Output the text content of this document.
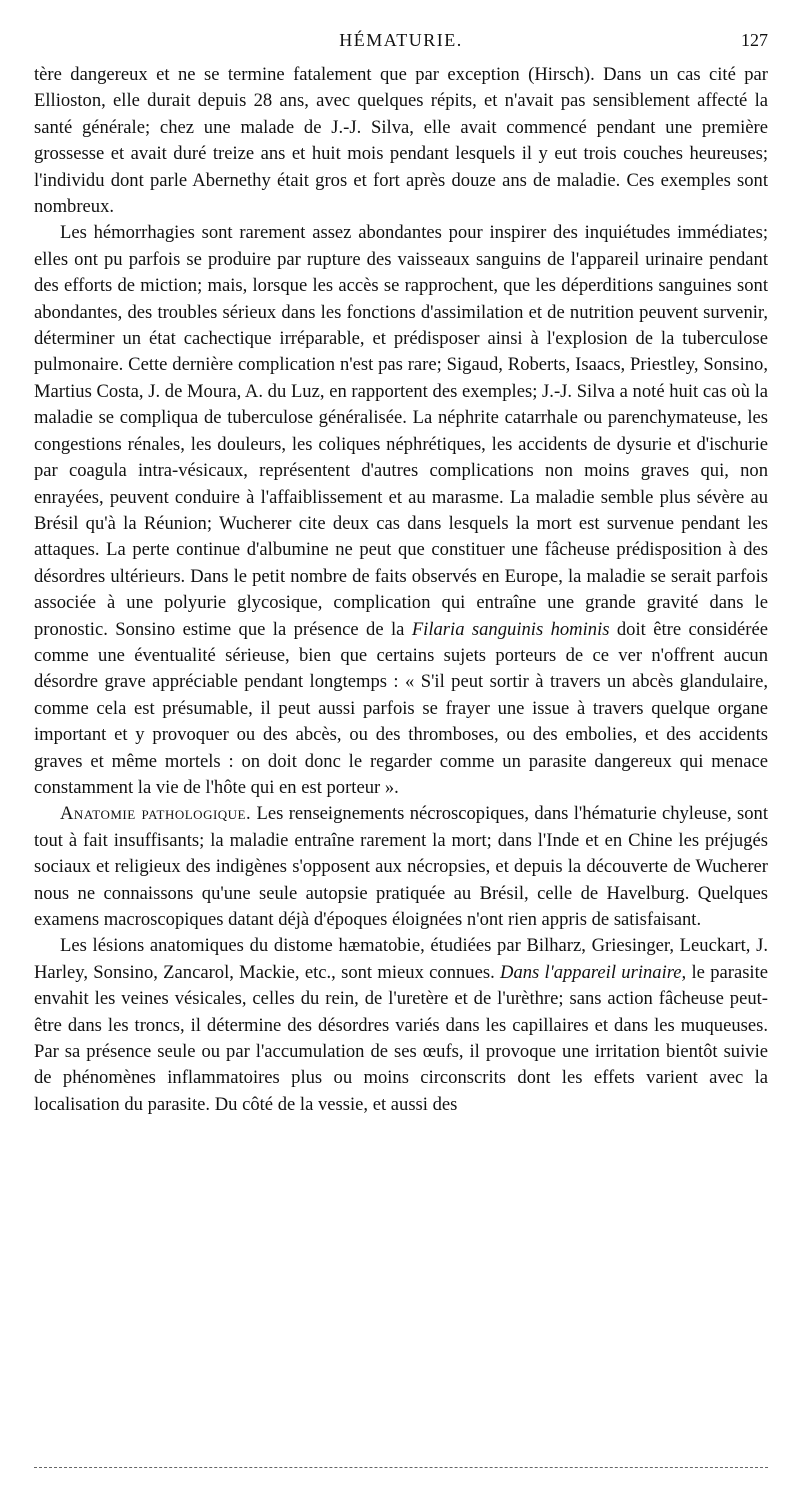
HÉMATURIE.	127

tère dangereux et ne se termine fatalement que par exception (Hirsch). Dans un cas cité par Ellioston, elle durait depuis 28 ans, avec quelques répits, et n'avait pas sensiblement affecté la santé générale; chez une malade de J.-J. Silva, elle avait commencé pendant une première grossesse et avait duré treize ans et huit mois pendant lesquels il y eut trois couches heureuses; l'individu dont parle Abernethy était gros et fort après douze ans de maladie. Ces exemples sont nombreux.

Les hémorrhagies sont rarement assez abondantes pour inspirer des inquiétudes immédiates; elles ont pu parfois se produire par rupture des vaisseaux sanguins de l'appareil urinaire pendant des efforts de miction; mais, lorsque les accès se rapprochent, que les déperditions sanguines sont abondantes, des troubles sérieux dans les fonctions d'assimilation et de nutrition peuvent survenir, déterminer un état cachectique irréparable, et prédisposer ainsi à l'explosion de la tuberculose pulmonaire. Cette dernière complication n'est pas rare; Sigaud, Roberts, Isaacs, Priestley, Sonsino, Martius Costa, J. de Moura, A. du Luz, en rapportent des exemples; J.-J. Silva a noté huit cas où la maladie se compliqua de tuberculose généralisée. La néphrite catarrhale ou parenchymateuse, les congestions rénales, les douleurs, les coliques néphrétiques, les accidents de dysurie et d'ischurie par coagula intra-vésicaux, représentent d'autres complications non moins graves qui, non enrayées, peuvent conduire à l'affaiblissement et au marasme. La maladie semble plus sévère au Brésil qu'à la Réunion; Wucherer cite deux cas dans lesquels la mort est survenue pendant les attaques. La perte continue d'albumine ne peut que constituer une fâcheuse prédisposition à des désordres ultérieurs. Dans le petit nombre de faits observés en Europe, la maladie se serait parfois associée à une polyurie glycosique, complication qui entraîne une grande gravité dans le pronostic. Sonsino estime que la présence de la Filaria sanguinis hominis doit être considérée comme une éventualité sérieuse, bien que certains sujets porteurs de ce ver n'offrent aucun désordre grave appréciable pendant longtemps : « S'il peut sortir à travers un abcès glandulaire, comme cela est présumable, il peut aussi parfois se frayer une issue à travers quelque organe important et y provoquer ou des abcès, ou des thromboses, ou des embolies, et des accidents graves et même mortels : on doit donc le regarder comme un parasite dangereux qui menace constamment la vie de l'hôte qui en est porteur ».

Anatomie pathologique. Les renseignements nécroscopiques, dans l'hématurie chyleuse, sont tout à fait insuffisants; la maladie entraîne rarement la mort; dans l'Inde et en Chine les préjugés sociaux et religieux des indigènes s'opposent aux nécropsies, et depuis la découverte de Wucherer nous ne connaissons qu'une seule autopsie pratiquée au Brésil, celle de Havelburg. Quelques examens macroscopiques datant déjà d'époques éloignées n'ont rien appris de satisfaisant.

Les lésions anatomiques du distome hæmatobie, étudiées par Bilharz, Griesinger, Leuckart, J. Harley, Sonsino, Zancarol, Mackie, etc., sont mieux connues. Dans l'appareil urinaire, le parasite envahit les veines vésicales, celles du rein, de l'uretère et de l'urèthre; sans action fâcheuse peut-être dans les troncs, il détermine des désordres variés dans les capillaires et dans les muqueuses. Par sa présence seule ou par l'accumulation de ses œufs, il provoque une irritation bientôt suivie de phénomènes inflammatoires plus ou moins circonscrits dont les effets varient avec la localisation du parasite. Du côté de la vessie, et aussi des
